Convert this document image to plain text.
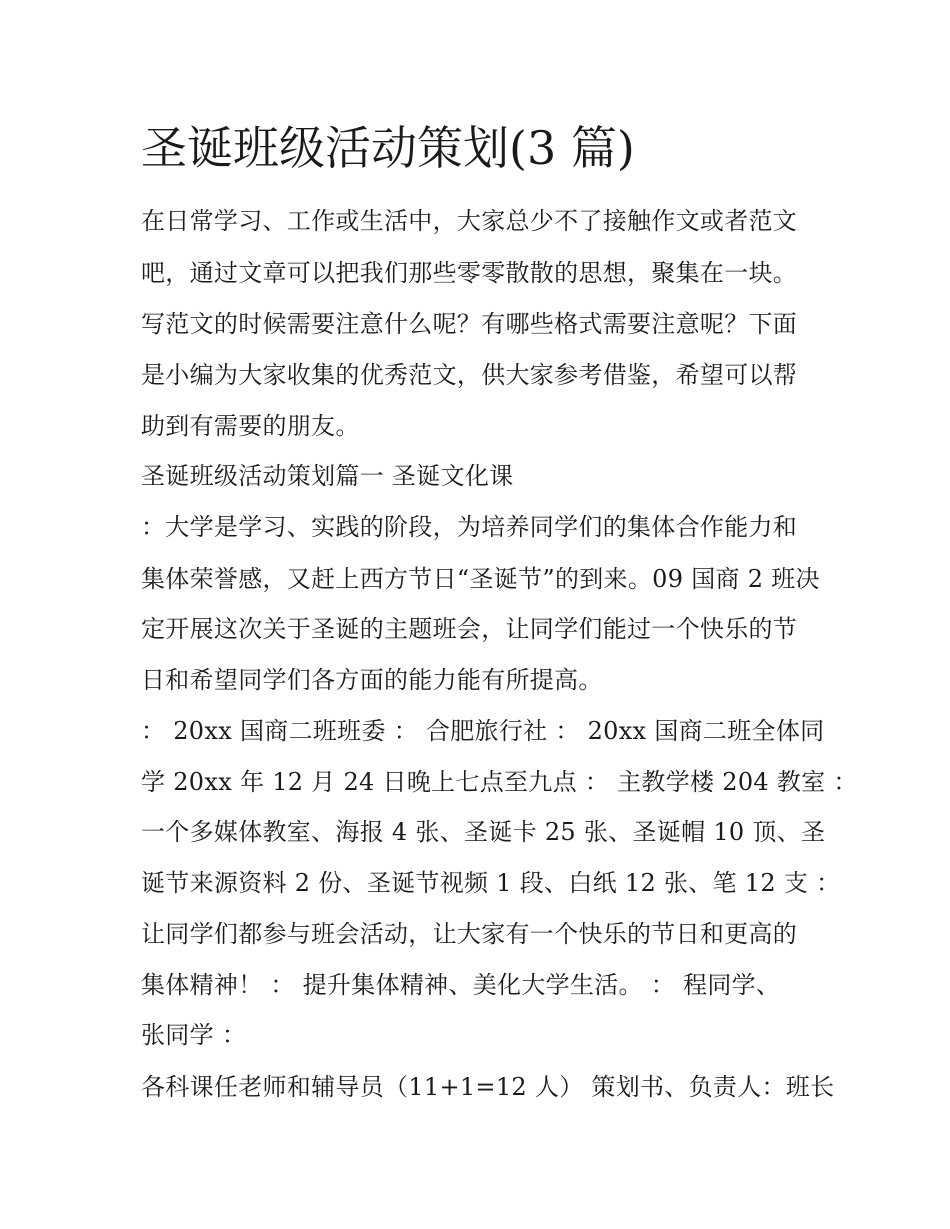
圣诞班级活动策划(3 篇)
在日常学习、工作或生活中，大家总少不了接触作文或者范文
吧，通过文章可以把我们那些零零散散的思想，聚集在一块。
写范文的时候需要注意什么呢？有哪些格式需要注意呢？下面
是小编为大家收集的优秀范文，供大家参考借鉴，希望可以帮
助到有需要的朋友。
圣诞班级活动策划篇一 圣诞文化课
：大学是学习、实践的阶段，为培养同学们的集体合作能力和
集体荣誉感，又赶上西方节日“圣诞节”的到来。09 国商 2 班决
定开展这次关于圣诞的主题班会，让同学们能过一个快乐的节
日和希望同学们各方面的能力能有所提高。
： 20xx 国商二班班委 ： 合肥旅行社 ： 20xx 国商二班全体同
学 20xx 年 12 月 24 日晚上七点至九点 ： 主教学楼 204 教室 ：
一个多媒体教室、海报 4 张、圣诞卡 25 张、圣诞帽 10 顶、圣
诞节来源资料 2 份、圣诞节视频 1 段、白纸 12 张、笔 12 支 ：
让同学们都参与班会活动，让大家有一个快乐的节日和更高的
集体精神！ ： 提升集体精神、美化大学生活。 ： 程同学、
张同学 ：
各科课任老师和辅导员（11+1=12 人） 策划书、负责人：班长
